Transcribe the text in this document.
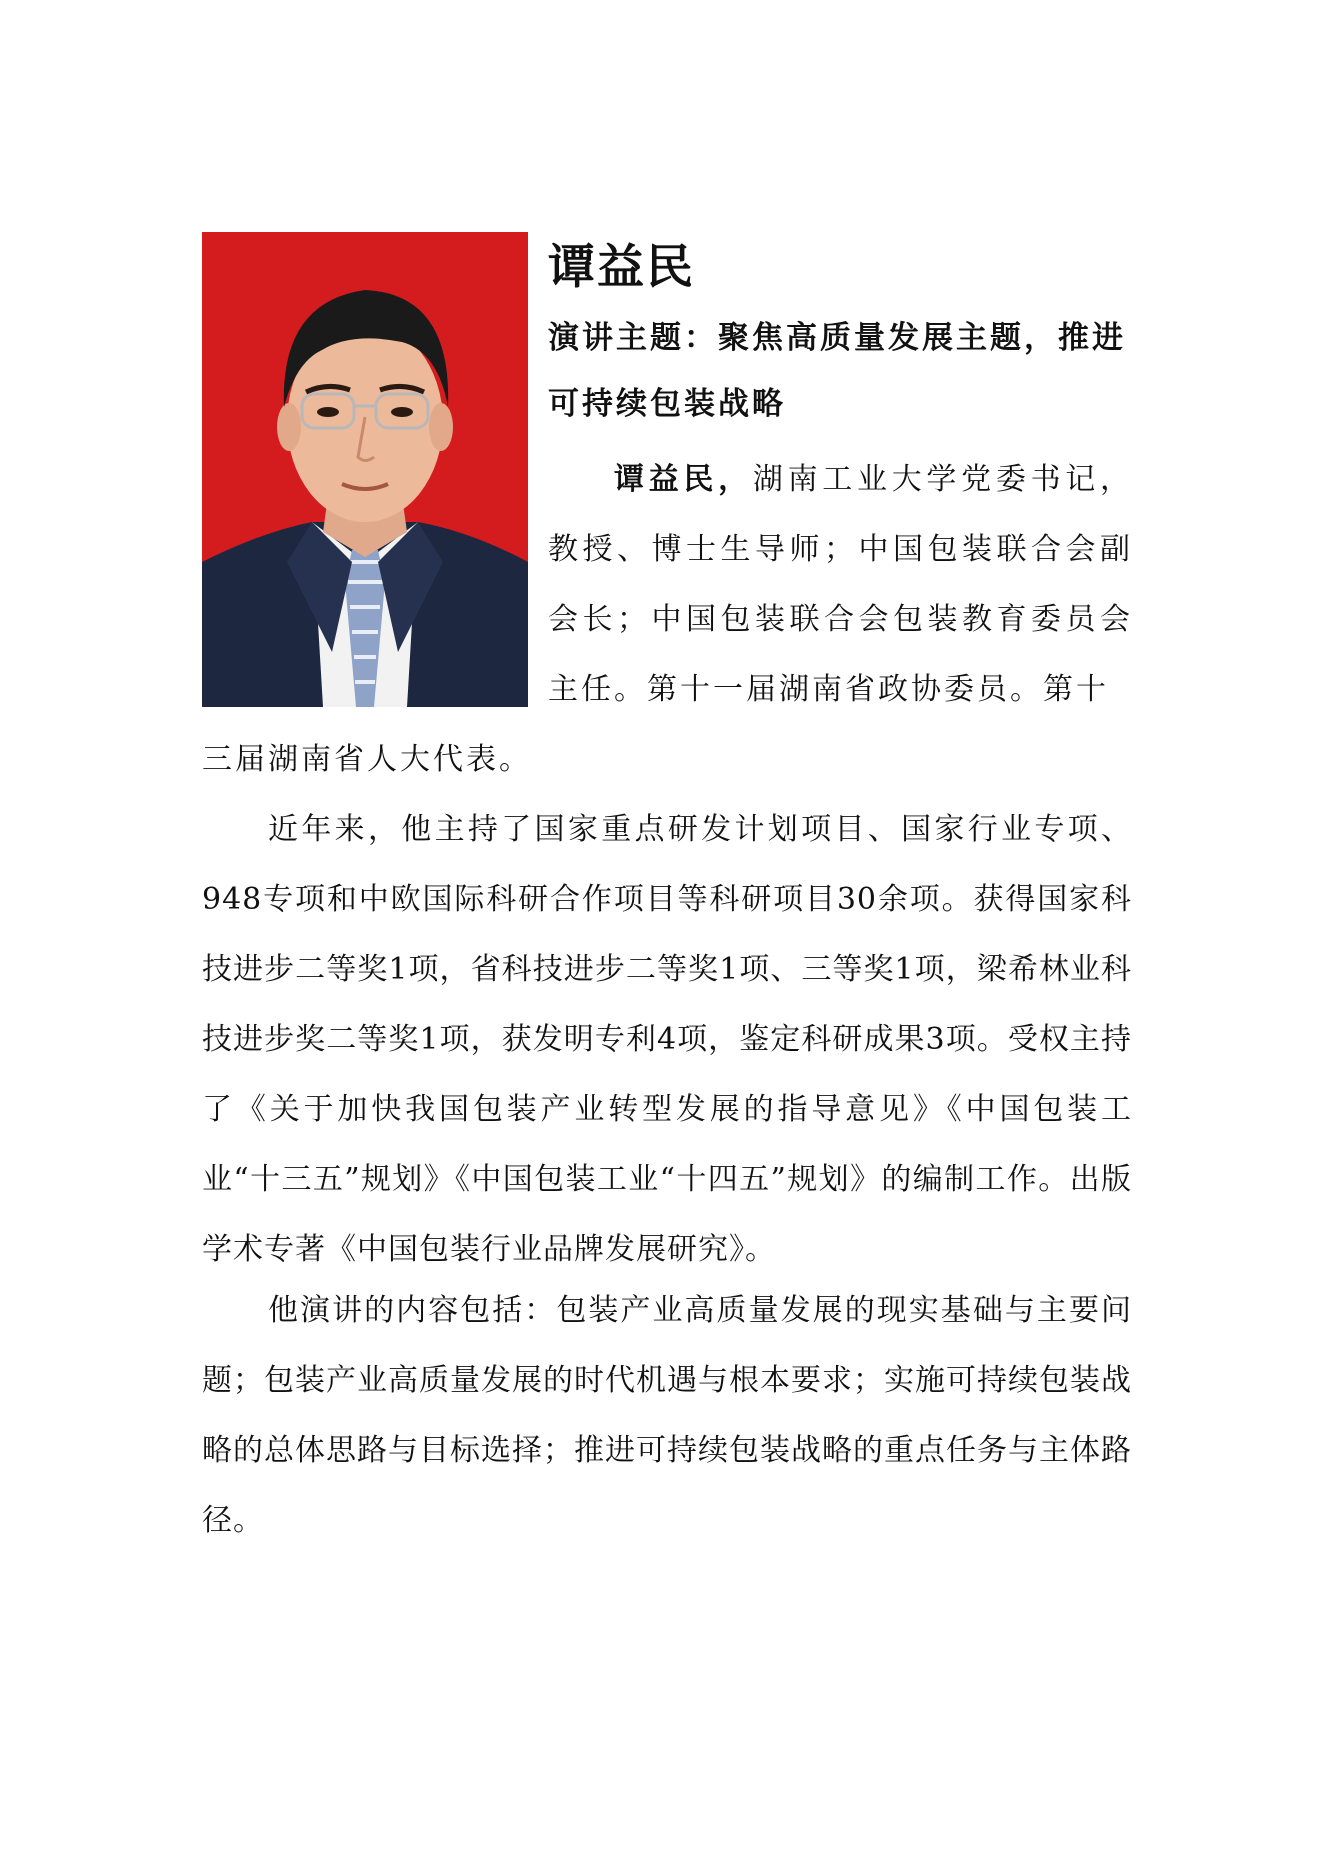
谭益民
演讲主题：聚焦高质量发展主题，推进
可持续包装战略
谭益民，湖南工业大学党委书记，教授、博士生导师；中国包装联合会副会长；中国包装联合会包装教育委员会主任。第十一届湖南省政协委员。第十
三届湖南省人大代表。
近年来，他主持了国家重点研发计划项目、国家行业专项、948专项和中欧国际科研合作项目等科研项目30余项。获得国家科技进步二等奖1项，省科技进步二等奖1项、三等奖1项，梁希林业科技进步奖二等奖1项，获发明专利4项，鉴定科研成果3项。受权主持了《关于加快我国包装产业转型发展的指导意见》《中国包装工业“十三五”规划》《中国包装工业“十四五”规划》的编制工作。出版学术专著《中国包装行业品牌发展研究》。
他演讲的内容包括：包装产业高质量发展的现实基础与主要问题；包装产业高质量发展的时代机遇与根本要求；实施可持续包装战略的总体思路与目标选择；推进可持续包装战略的重点任务与主体路径。
